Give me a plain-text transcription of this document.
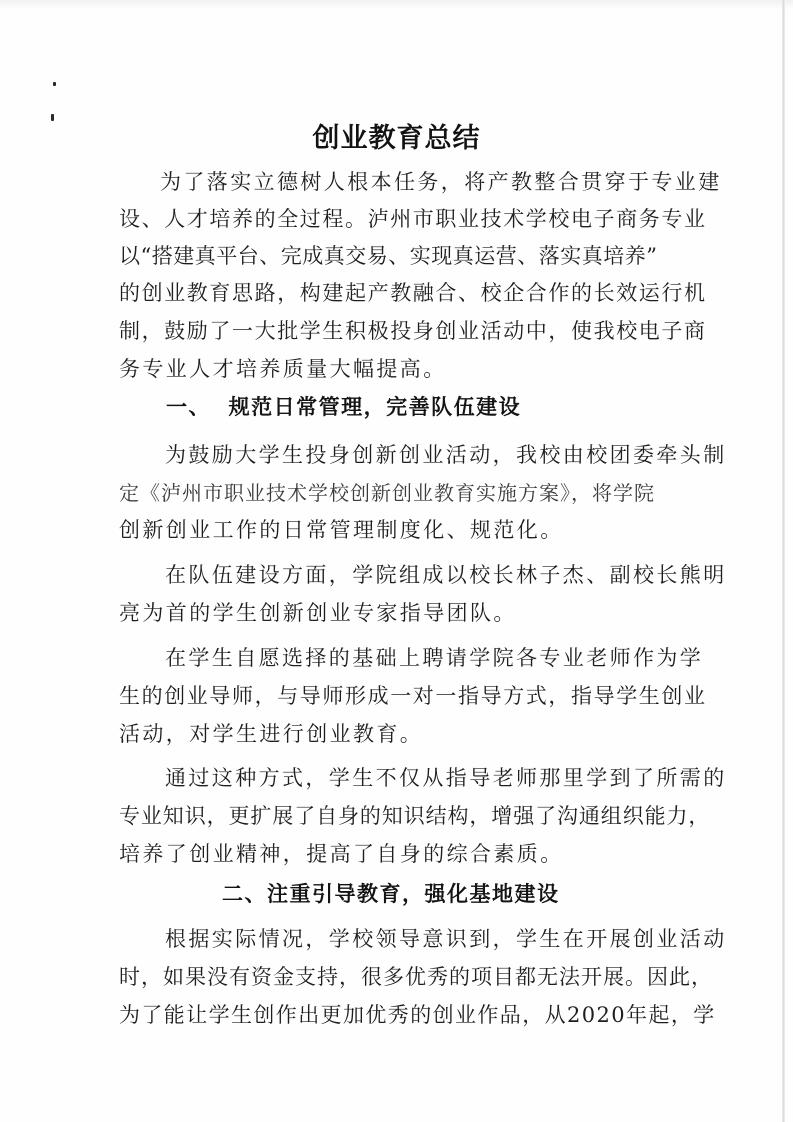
创业教育总结

为了落实立德树人根本任务，将产教整合贯穿于专业建

设、人才培养的全过程。泸州市职业技术学校电子商务专业

以“搭建真平台、完成真交易、实现真运营、落实真培养”

的创业教育思路，构建起产教融合、校企合作的长效运行机

制，鼓励了一大批学生积极投身创业活动中，使我校电子商

务专业人才培养质量大幅提高。

一、  规范日常管理，完善队伍建设

为鼓励大学生投身创新创业活动，我校由校团委牵头制

定《泸州市职业技术学校创新创业教育实施方案》，将学院

创新创业工作的日常管理制度化、规范化。

在队伍建设方面，学院组成以校长林子杰、副校长熊明

亮为首的学生创新创业专家指导团队。

在学生自愿选择的基础上聘请学院各专业老师作为学

生的创业导师，与导师形成一对一指导方式，指导学生创业

活动，对学生进行创业教育。

通过这种方式，学生不仅从指导老师那里学到了所需的

专业知识，更扩展了自身的知识结构，增强了沟通组织能力，

培养了创业精神，提高了自身的综合素质。

二、注重引导教育，强化基地建设

根据实际情况，学校领导意识到，学生在开展创业活动

时，如果没有资金支持，很多优秀的项目都无法开展。因此，

为了能让学生创作出更加优秀的创业作品，从2020年起，学
